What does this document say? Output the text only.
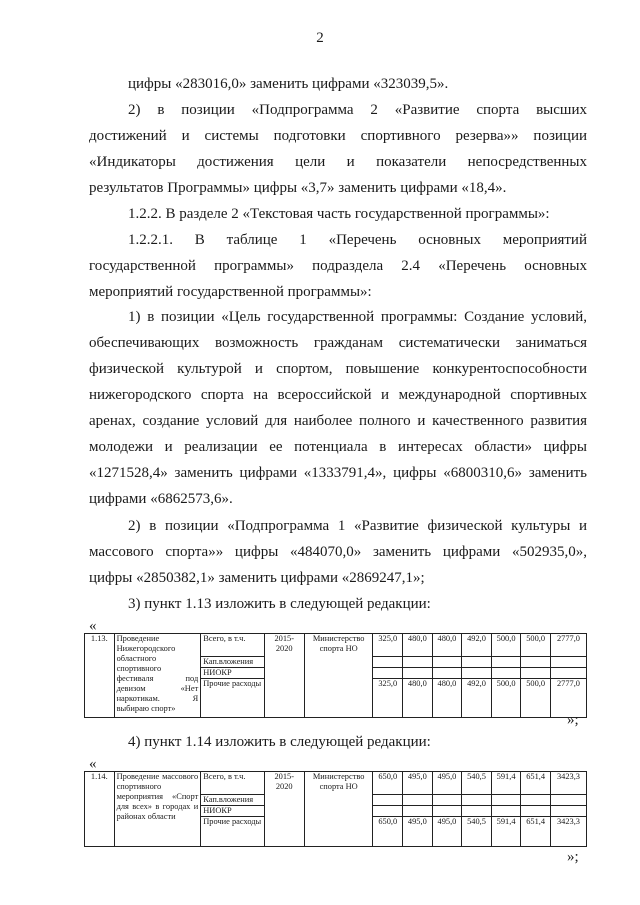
2
цифры «283016,0» заменить цифрами «323039,5».
2) в позиции «Подпрограмма 2 «Развитие спорта высших
достижений и системы подготовки спортивного резерва»» позиции
«Индикаторы достижения цели и показатели непосредственных
результатов Программы» цифры «3,7» заменить цифрами «18,4».
1.2.2. В разделе 2 «Текстовая часть государственной программы»:
1.2.2.1. В таблице 1 «Перечень основных мероприятий
государственной программы» подраздела 2.4 «Перечень основных
мероприятий государственной программы»:
1) в позиции «Цель государственной программы: Создание условий,
обеспечивающих возможность гражданам систематически заниматься
физической культурой и спортом, повышение конкурентоспособности
нижегородского спорта на всероссийской и международной спортивных
аренах, создание условий для наиболее полного и качественного развития
молодежи и реализации ее потенциала в интересах области» цифры
«1271528,4» заменить цифрами «1333791,4», цифры «6800310,6» заменить
цифрами «6862573,6».
2) в позиции «Подпрограмма 1 «Развитие физической культуры и
массового спорта»» цифры «484070,0» заменить цифрами «502935,0»,
цифры «2850382,1» заменить цифрами «2869247,1»;
3) пункт 1.13 изложить в следующей редакции:
«
1.13.	Проведение Нижегородского областного спортивного фестиваля под девизом «Нет наркотикам. Я выбираю спорт»	Всего, в т.ч.	2015-2020	Министерство спорта НО	325,0	480,0	480,0	492,0	500,0	500,0	2777,0
		Кап.вложения									
		НИОКР									
		Прочие расходы			325,0	480,0	480,0	492,0	500,0	500,0	2777,0
»;
4) пункт 1.14 изложить в следующей редакции:
«
1.14.	Проведение массового спортивного мероприятия «Спорт для всех» в городах и районах области	Всего, в т.ч.	2015-2020	Министерство спорта НО	650,0	495,0	495,0	540,5	591,4	651,4	3423,3
		Кап.вложения									
		НИОКР									
		Прочие расходы			650,0	495,0	495,0	540,5	591,4	651,4	3423,3
»;
